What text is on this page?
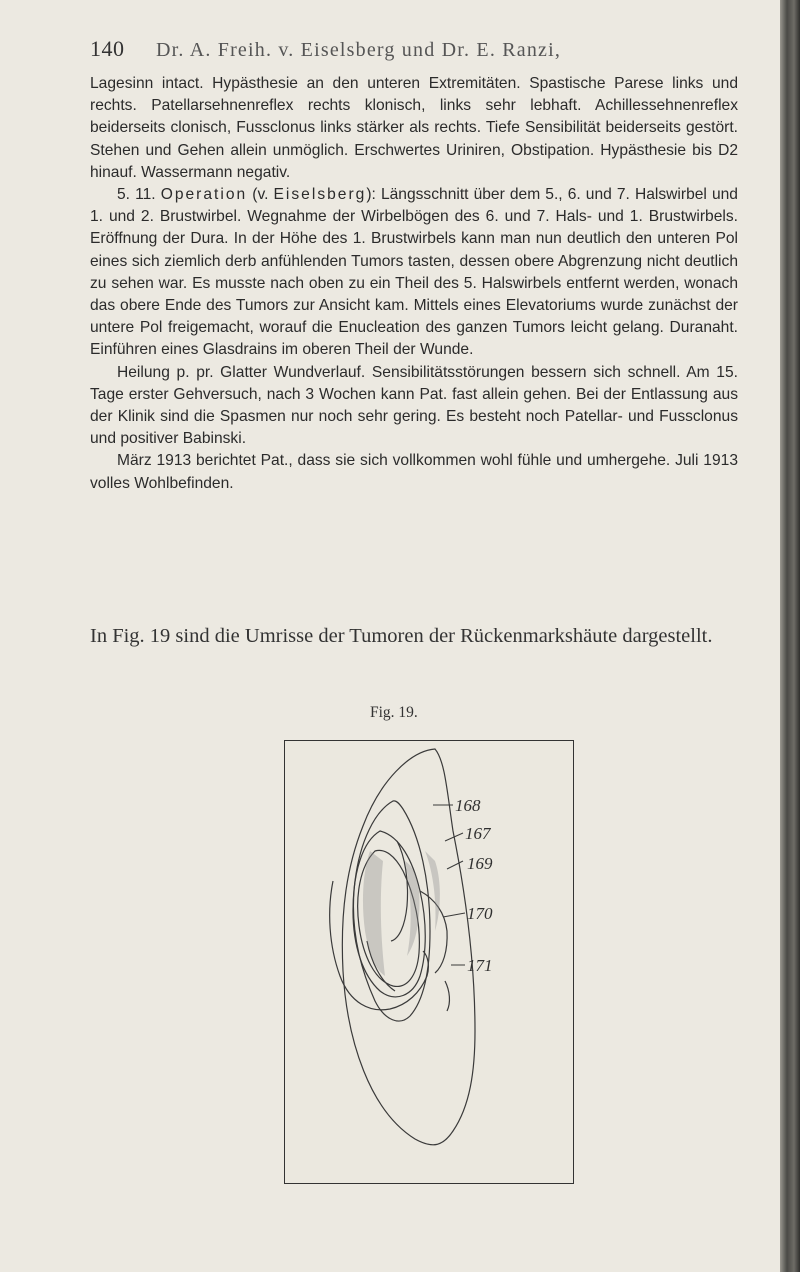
140 Dr. A. Freih. v. Eiselsberg und Dr. E. Ranzi,

Lagesinn intact. Hypästhesie an den unteren Extremitäten. Spastische Parese links und rechts. Patellarsehnenreflex rechts klonisch, links sehr lebhaft. Achillessehnenreflex beiderseits clonisch, Fussclonus links stärker als rechts. Tiefe Sensibilität beiderseits gestört. Stehen und Gehen allein unmöglich. Erschwertes Uriniren, Obstipation. Hypästhesie bis D2 hinauf. Wassermann negativ.

5. 11. Operation (v. Eiselsberg): Längsschnitt über dem 5., 6. und 7. Halswirbel und 1. und 2. Brustwirbel. Wegnahme der Wirbelbögen des 6. und 7. Hals- und 1. Brustwirbels. Eröffnung der Dura. In der Höhe des 1. Brustwirbels kann man nun deutlich den unteren Pol eines sich ziemlich derb anfühlenden Tumors tasten, dessen obere Abgrenzung nicht deutlich zu sehen war. Es musste nach oben zu ein Theil des 5. Halswirbels entfernt werden, wonach das obere Ende des Tumors zur Ansicht kam. Mittels eines Elevatoriums wurde zunächst der untere Pol freigemacht, worauf die Enucleation des ganzen Tumors leicht gelang. Duranaht. Einführen eines Glasdrains im oberen Theil der Wunde.

Heilung p. pr. Glatter Wundverlauf. Sensibilitätsstörungen bessern sich schnell. Am 15. Tage erster Gehversuch, nach 3 Wochen kann Pat. fast allein gehen. Bei der Entlassung aus der Klinik sind die Spasmen nur noch sehr gering. Es besteht noch Patellar- und Fussclonus und positiver Babinski.

März 1913 berichtet Pat., dass sie sich vollkommen wohl fühle und umhergehe. Juli 1913 volles Wohlbefinden.

In Fig. 19 sind die Umrisse der Tumoren der Rückenmarkshäute dargestellt.
Fig. 19.
168
167
169
170
171
